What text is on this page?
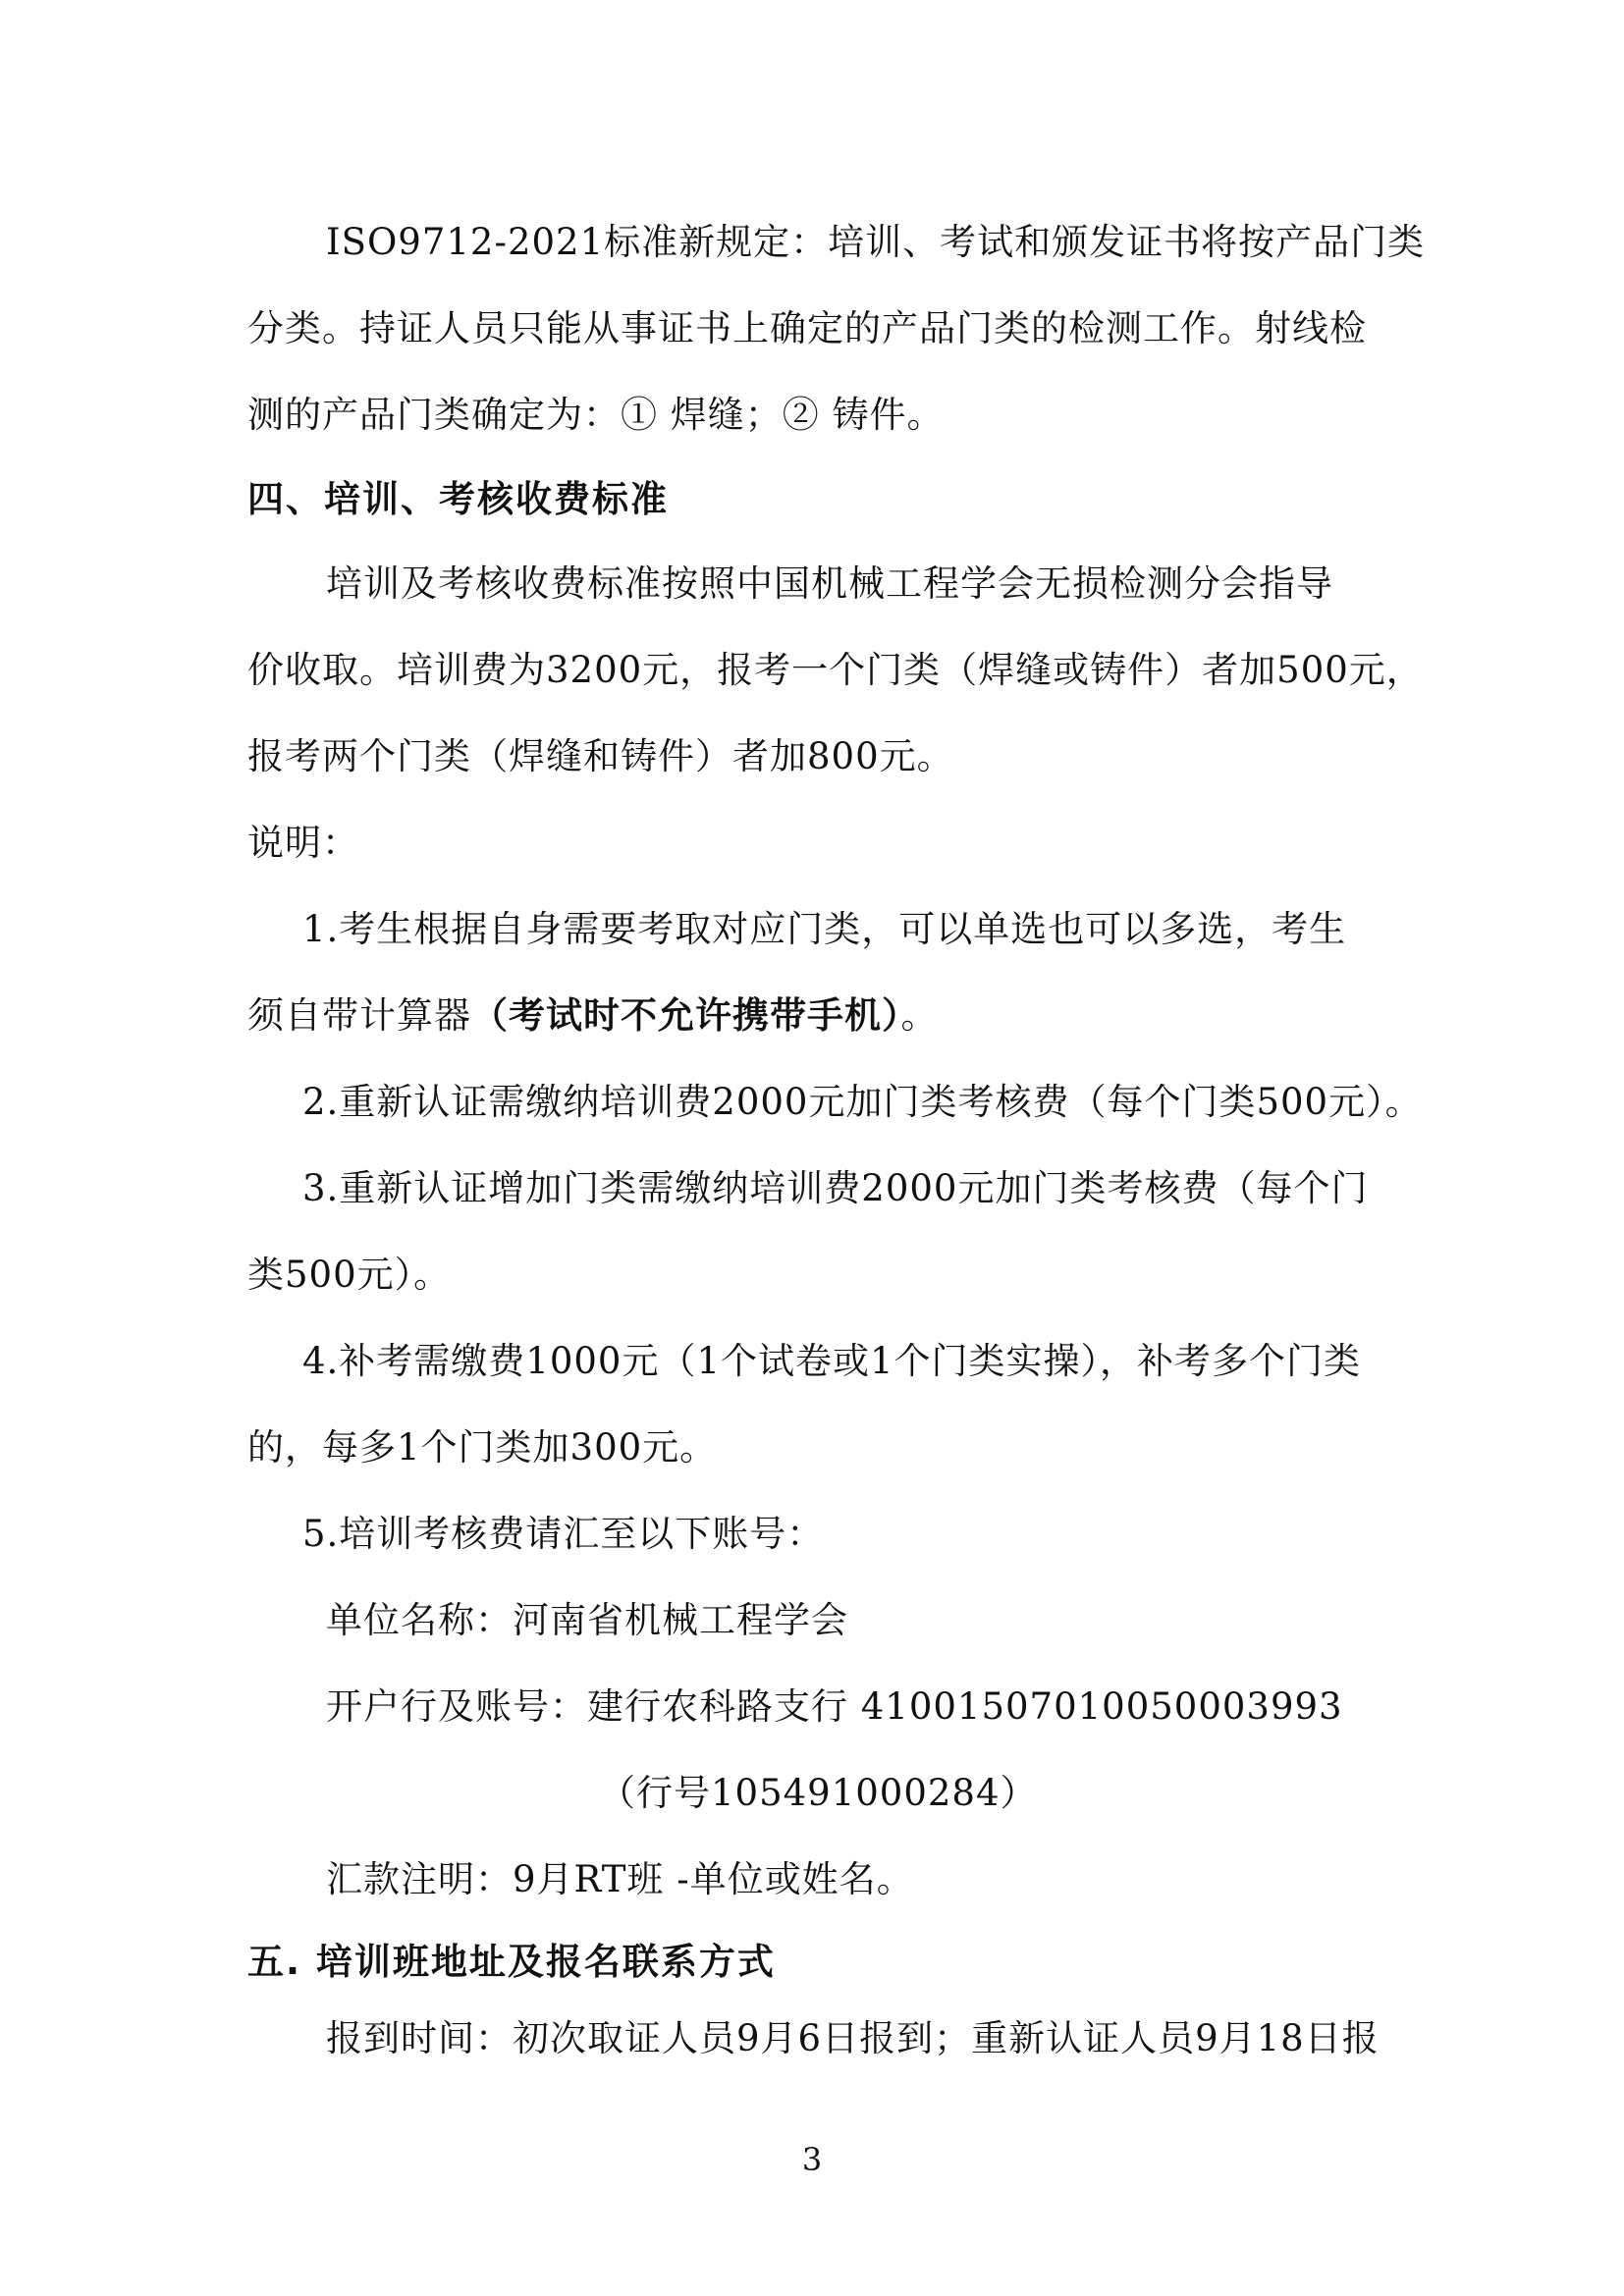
ISO9712-2021标准新规定：培训、考试和颁发证书将按产品门类

分类。持证人员只能从事证书上确定的产品门类的检测工作。射线检

测的产品门类确定为：① 焊缝；② 铸件。

四、培训、考核收费标准

培训及考核收费标准按照中国机械工程学会无损检测分会指导

价收取。培训费为3200元，报考一个门类（焊缝或铸件）者加500元，

报考两个门类（焊缝和铸件）者加800元。

说明：

1.考生根据自身需要考取对应门类，可以单选也可以多选，考生

须自带计算器（考试时不允许携带手机）。

2.重新认证需缴纳培训费2000元加门类考核费（每个门类500元）。

3.重新认证增加门类需缴纳培训费2000元加门类考核费（每个门

类500元）。

4.补考需缴费1000元（1个试卷或1个门类实操），补考多个门类

的，每多1个门类加300元。

5.培训考核费请汇至以下账号：

单位名称：河南省机械工程学会

开户行及账号：建行农科路支行 41001507010050003993

（行号105491000284）

汇款注明：9月RT班 -单位或姓名。

五. 培训班地址及报名联系方式

报到时间：初次取证人员9月6日报到；重新认证人员9月18日报

3
